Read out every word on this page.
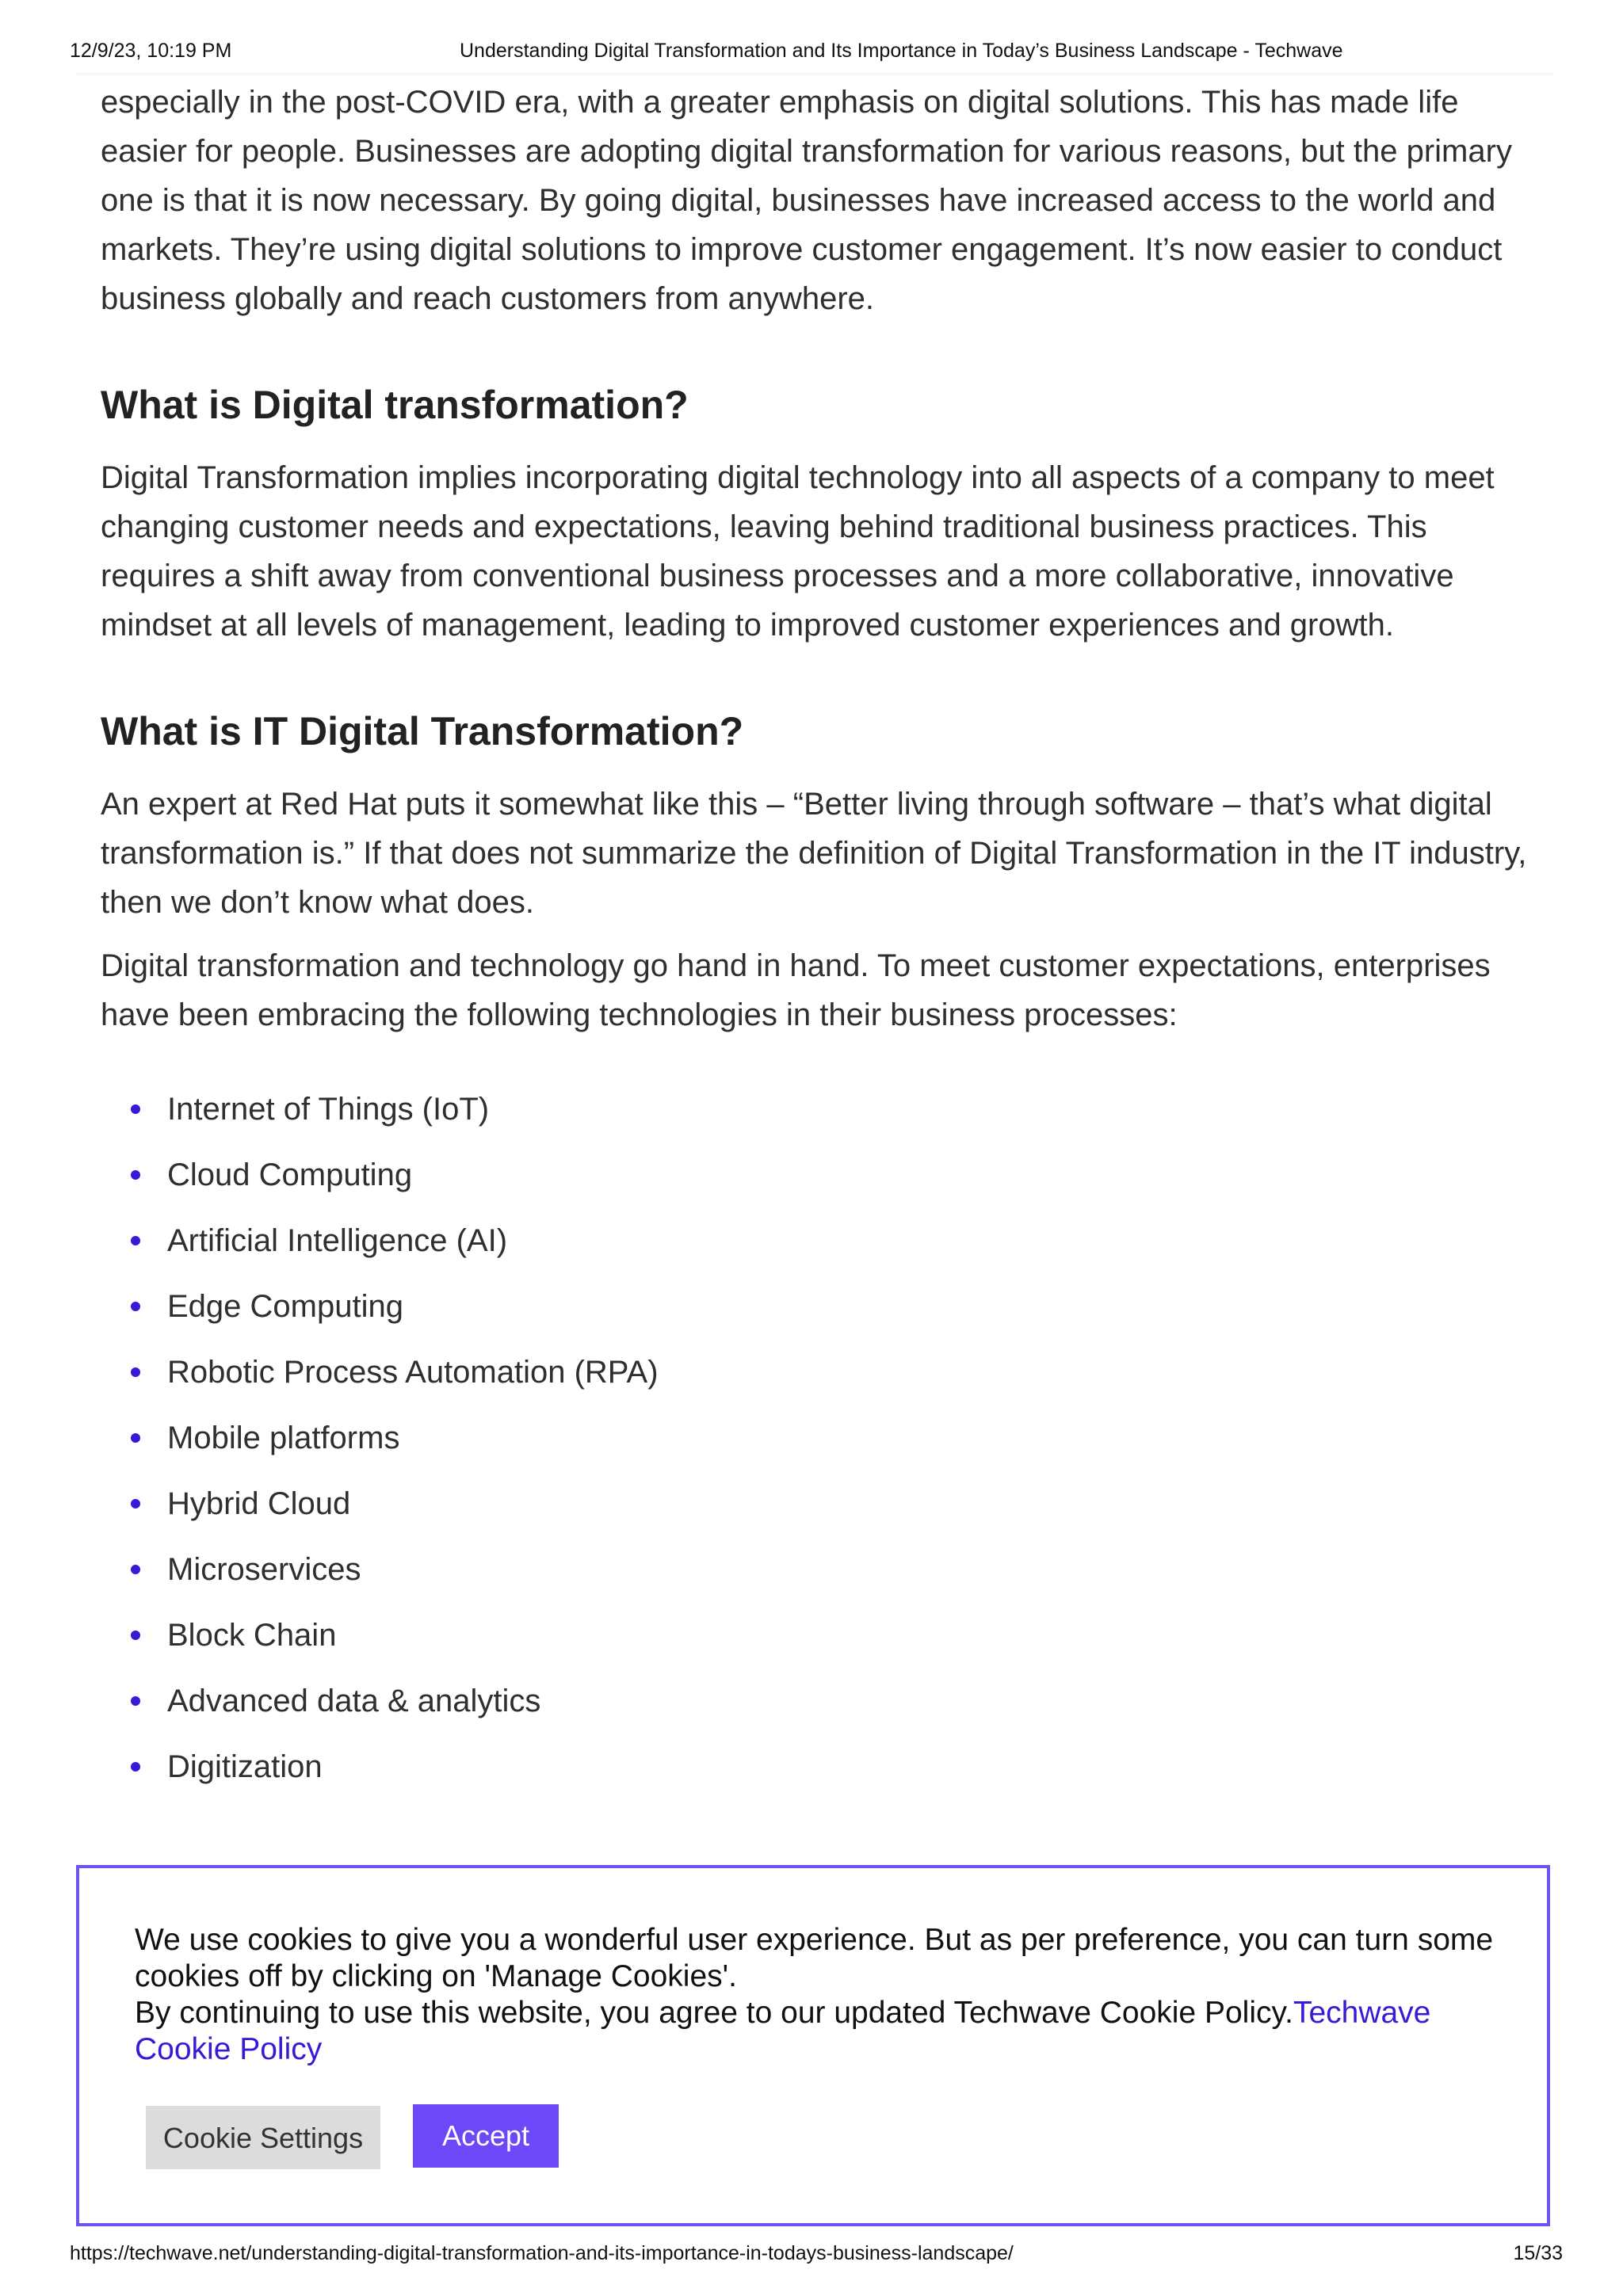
12/9/23, 10:19 PM	Understanding Digital Transformation and Its Importance in Today’s Business Landscape - Techwave

especially in the post-COVID era, with a greater emphasis on digital solutions. This has made life easier for people. Businesses are adopting digital transformation for various reasons, but the primary one is that it is now necessary. By going digital, businesses have increased access to the world and markets. They’re using digital solutions to improve customer engagement. It’s now easier to conduct business globally and reach customers from anywhere.

What is Digital transformation?

Digital Transformation implies incorporating digital technology into all aspects of a company to meet changing customer needs and expectations, leaving behind traditional business practices. This requires a shift away from conventional business processes and a more collaborative, innovative mindset at all levels of management, leading to improved customer experiences and growth.

What is IT Digital Transformation?

An expert at Red Hat puts it somewhat like this – “Better living through software – that’s what digital transformation is.” If that does not summarize the definition of Digital Transformation in the IT industry, then we don’t know what does.

Digital transformation and technology go hand in hand. To meet customer expectations, enterprises have been embracing the following technologies in their business processes:

Internet of Things (IoT)
Cloud Computing
Artificial Intelligence (AI)
Edge Computing
Robotic Process Automation (RPA)
Mobile platforms
Hybrid Cloud
Microservices
Block Chain
Advanced data & analytics
Digitization
We use cookies to give you a wonderful user experience. But as per preference, you can turn some cookies off by clicking on 'Manage Cookies'.
By continuing to use this website, you agree to our updated Techwave Cookie Policy.Techwave Cookie Policy
Cookie Settings	Accept
https://techwave.net/understanding-digital-transformation-and-its-importance-in-todays-business-landscape/	15/33
